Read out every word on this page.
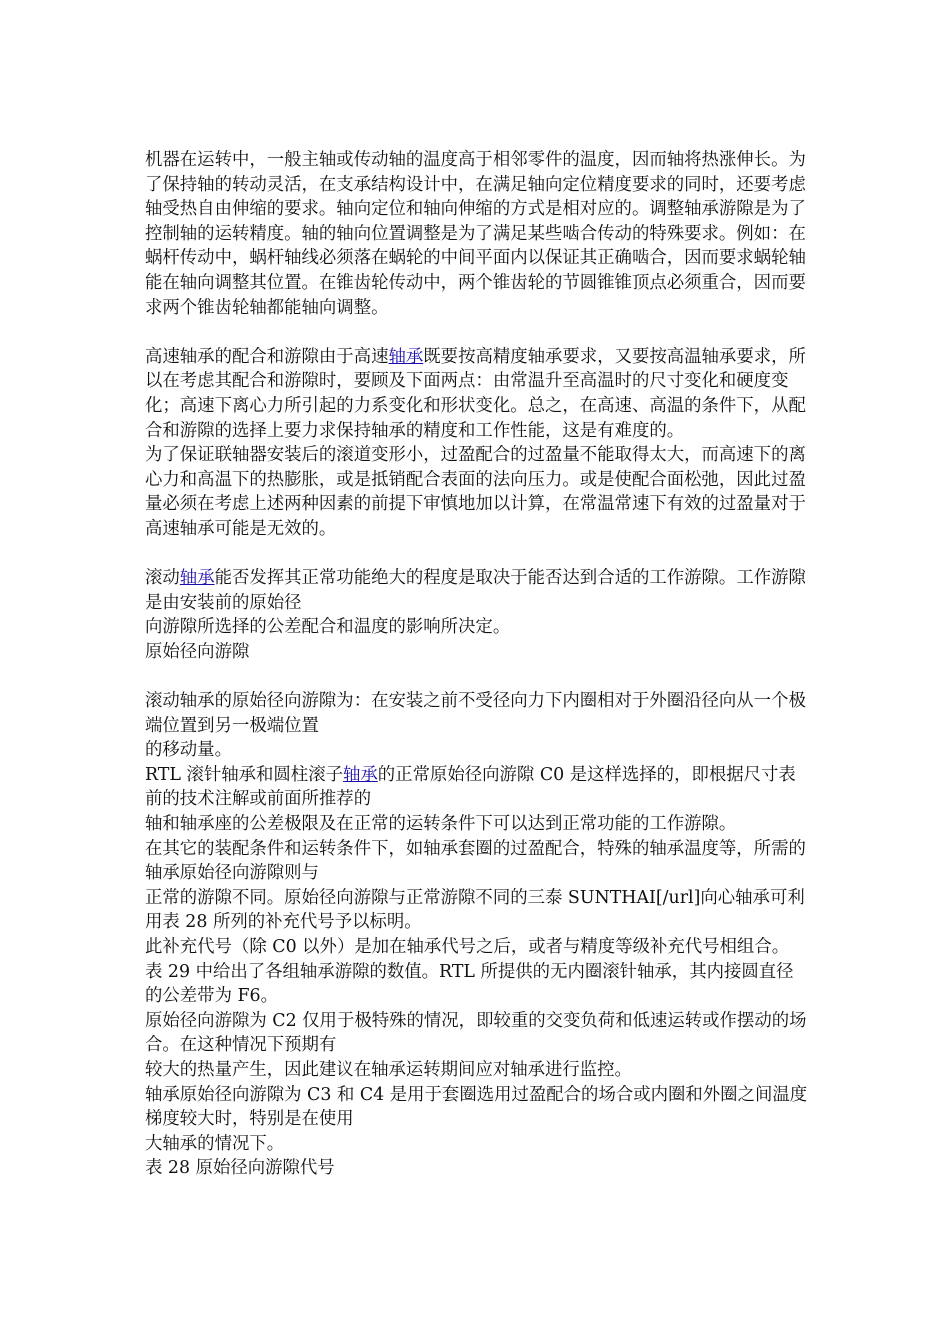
机器在运转中，一般主轴或传动轴的温度高于相邻零件的温度，因而轴将热涨伸长。为了保持轴的转动灵活，在支承结构设计中，在满足轴向定位精度要求的同时，还要考虑轴受热自由伸缩的要求。轴向定位和轴向伸缩的方式是相对应的。调整轴承游隙是为了控制轴的运转精度。轴的轴向位置调整是为了满足某些啮合传动的特殊要求。例如：在蜗杆传动中，蜗杆轴线必须落在蜗轮的中间平面内以保证其正确啮合，因而要求蜗轮轴能在轴向调整其位置。在锥齿轮传动中，两个锥齿轮的节圆锥锥顶点必须重合，因而要求两个锥齿轮轴都能轴向调整。

高速轴承的配合和游隙由于高速轴承既要按高精度轴承要求，又要按高温轴承要求，所以在考虑其配合和游隙时，要顾及下面两点：由常温升至高温时的尺寸变化和硬度变化；高速下离心力所引起的力系变化和形状变化。总之，在高速、高温的条件下，从配合和游隙的选择上要力求保持轴承的精度和工作性能，这是有难度的。

为了保证联轴器安装后的滚道变形小，过盈配合的过盈量不能取得太大，而高速下的离心力和高温下的热膨胀，或是抵销配合表面的法向压力。或是使配合面松弛，因此过盈量必须在考虑上述两种因素的前提下审慎地加以计算，在常温常速下有效的过盈量对于高速轴承可能是无效的。

滚动轴承能否发挥其正常功能绝大的程度是取决于能否达到合适的工作游隙。工作游隙是由安装前的原始径

向游隙所选择的公差配合和温度的影响所决定。

原始径向游隙

滚动轴承的原始径向游隙为：在安装之前不受径向力下内圈相对于外圈沿径向从一个极端位置到另一极端位置

的移动量。

RTL 滚针轴承和圆柱滚子轴承的正常原始径向游隙 C0 是这样选择的，即根据尺寸表前的技术注解或前面所推荐的

轴和轴承座的公差极限及在正常的运转条件下可以达到正常功能的工作游隙。

在其它的装配条件和运转条件下，如轴承套圈的过盈配合，特殊的轴承温度等，所需的轴承原始径向游隙则与

正常的游隙不同。原始径向游隙与正常游隙不同的三泰 SUNTHAI[/url]向心轴承可利用表 28 所列的补充代号予以标明。

此补充代号（除 C0 以外）是加在轴承代号之后，或者与精度等级补充代号相组合。

表 29 中给出了各组轴承游隙的数值。RTL 所提供的无内圈滚针轴承，其内接圆直径的公差带为 F6。

原始径向游隙为 C2 仅用于极特殊的情况，即较重的交变负荷和低速运转或作摆动的场合。在这种情况下预期有

较大的热量产生，因此建议在轴承运转期间应对轴承进行监控。

轴承原始径向游隙为 C3 和 C4 是用于套圈选用过盈配合的场合或内圈和外圈之间温度梯度较大时，特别是在使用

大轴承的情况下。

表 28 原始径向游隙代号
